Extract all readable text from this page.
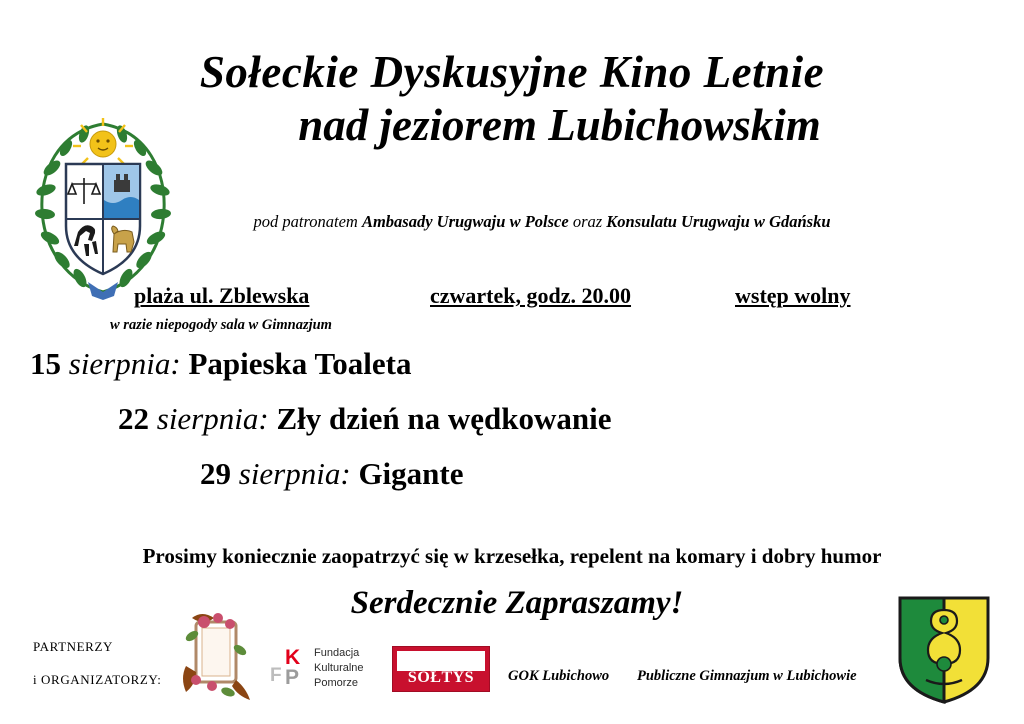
Sołeckie Dyskusyjne Kino Letnie
nad jeziorem Lubichowskim
pod patronatem Ambasady Urugwaju w Polsce oraz Konsulatu Urugwaju w Gdańsku
plaża ul. Zblewska	czwartek, godz. 20.00	wstęp wolny
w razie niepogody sala w Gimnazjum
15 sierpnia: Papieska Toaleta
22 sierpnia: Zły dzień na wędkowanie
29 sierpnia: Gigante
Prosimy koniecznie zaopatrzyć się w krzesełka, repelent na komary i dobry humor
Serdecznie Zapraszamy!
PARTNERZY
i ORGANIZATORZY:	F
K
P
Fundacja
Kulturalne
Pomorze	SOŁTYS	GOK Lubichowo Publiczne Gimnazjum w Lubichowie
